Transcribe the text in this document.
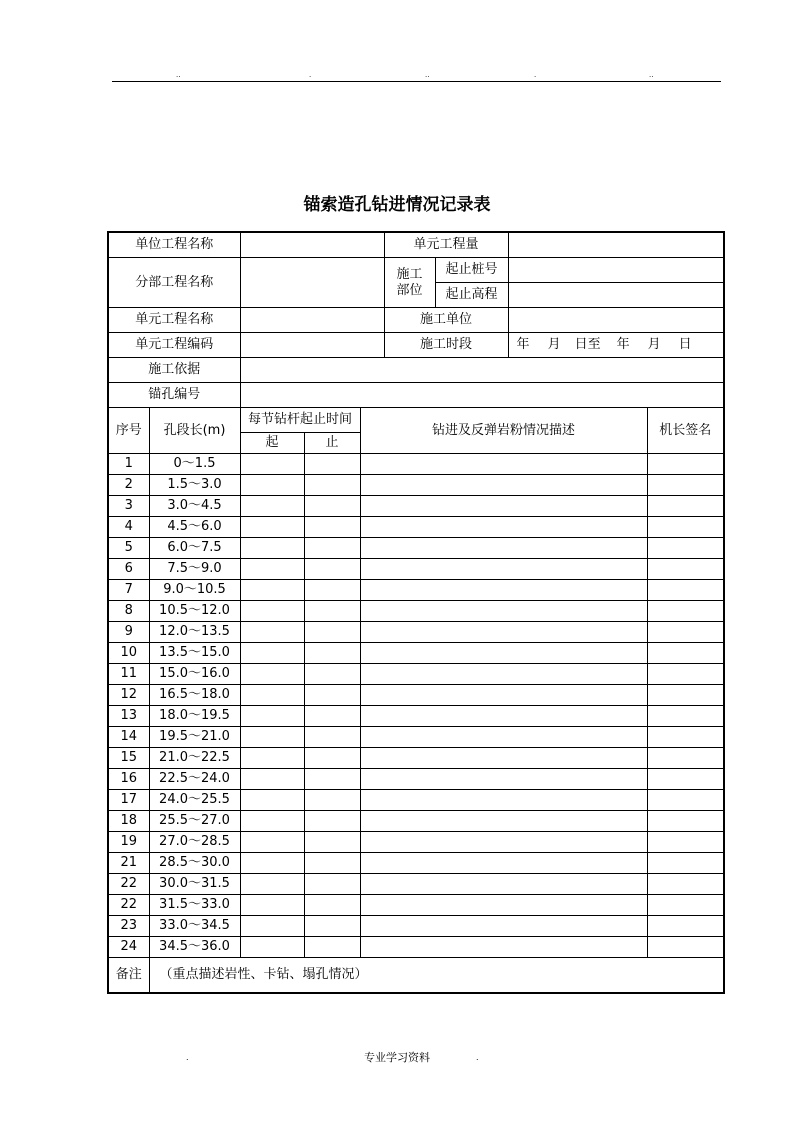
..	.	..	.	..
锚索造孔钻进情况记录表
单位工程名称					单元工程量			
分部工程名称					施工
部位	起止桩号		
						起止高程		
单元工程名称					施工单位			
单元工程编码					施工时段		年 月 日至 年 月 日	
施工依据								
锚孔编号								
序号	孔段长(m)	每节钻杆起止时间		钻进及反弹岩粉情况描述				机长签名
		起	止					
1	0～1.5							
2	1.5～3.0							
3	3.0～4.5							
4	4.5～6.0							
5	6.0～7.5							
6	7.5～9.0							
7	9.0～10.5							
8	10.5～12.0							
9	12.0～13.5							
10	13.5～15.0							
11	15.0～16.0							
12	16.5～18.0							
13	18.0～19.5							
14	19.5～21.0							
15	21.0～22.5							
16	22.5～24.0							
17	24.0～25.5							
18	25.5～27.0							
19	27.0～28.5							
21	28.5～30.0							
22	30.0～31.5							
22	31.5～33.0							
23	33.0～34.5							
24	34.5～36.0							
备注	（重点描述岩性、卡钻、塌孔情况）							
.	专业学习资料	.
